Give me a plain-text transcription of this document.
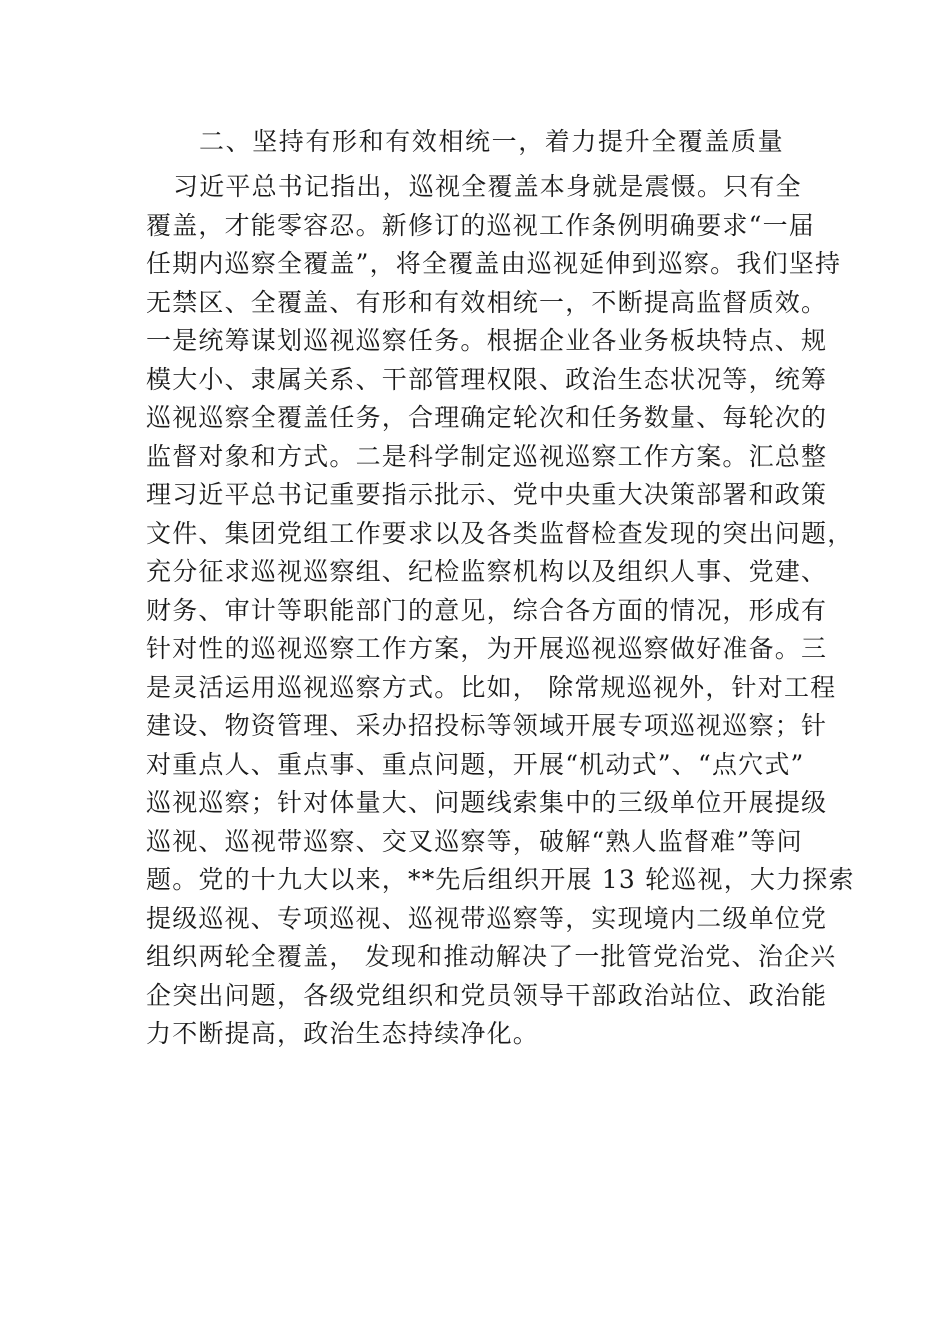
二、坚持有形和有效相统一，着力提升全覆盖质量
习近平总书记指出，巡视全覆盖本身就是震慑。只有全
覆盖，才能零容忍。新修订的巡视工作条例明确要求“一届
任期内巡察全覆盖”，将全覆盖由巡视延伸到巡察。我们坚持
无禁区、全覆盖、有形和有效相统一，不断提高监督质效。
一是统筹谋划巡视巡察任务。根据企业各业务板块特点、规
模大小、隶属关系、干部管理权限、政治生态状况等，统筹
巡视巡察全覆盖任务，合理确定轮次和任务数量、每轮次的
监督对象和方式。二是科学制定巡视巡察工作方案。汇总整
理习近平总书记重要指示批示、党中央重大决策部署和政策
文件、集团党组工作要求以及各类监督检查发现的突出问题，
充分征求巡视巡察组、纪检监察机构以及组织人事、党建、
财务、审计等职能部门的意见，综合各方面的情况，形成有
针对性的巡视巡察工作方案，为开展巡视巡察做好准备。三
是灵活运用巡视巡察方式。比如， 除常规巡视外，针对工程
建设、物资管理、采办招投标等领域开展专项巡视巡察；针
对重点人、重点事、重点问题，开展“机动式”、“点穴式”
巡视巡察；针对体量大、问题线索集中的三级单位开展提级
巡视、巡视带巡察、交叉巡察等，破解“熟人监督难”等问
题。党的十九大以来，**先后组织开展 13 轮巡视，大力探索
提级巡视、专项巡视、巡视带巡察等，实现境内二级单位党
组织两轮全覆盖， 发现和推动解决了一批管党治党、治企兴
企突出问题，各级党组织和党员领导干部政治站位、政治能
力不断提高，政治生态持续净化。
